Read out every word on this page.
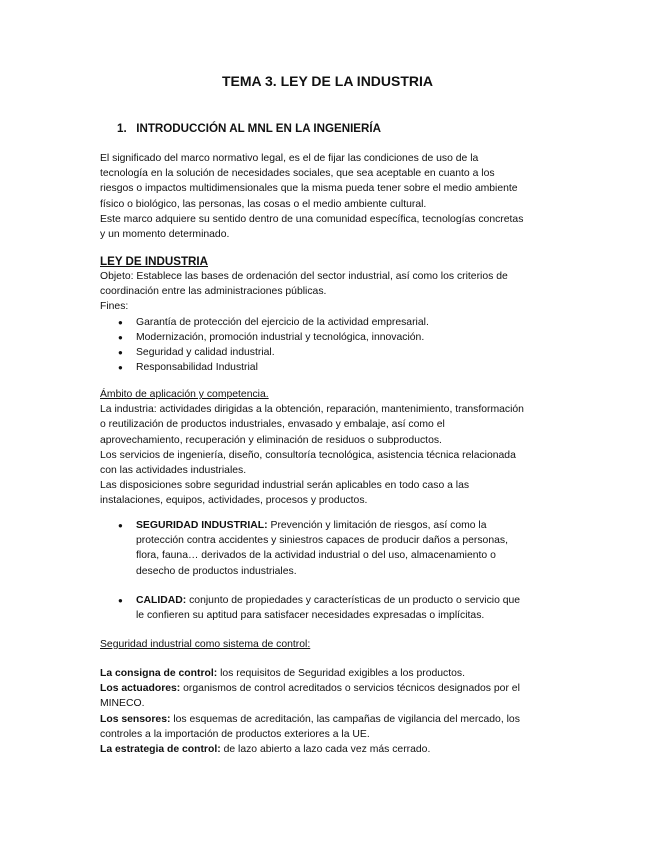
TEMA 3. LEY DE LA INDUSTRIA
1. INTRODUCCIÓN AL MNL EN LA INGENIERÍA

El significado del marco normativo legal, es el de fijar las condiciones de uso de la

tecnología en la solución de necesidades sociales, que sea aceptable en cuanto a los

riesgos o impactos multidimensionales que la misma pueda tener sobre el medio ambiente

físico o biológico, las personas, las cosas o el medio ambiente cultural.

Este marco adquiere su sentido dentro de una comunidad específica, tecnologías concretas

y un momento determinado.

LEY DE INDUSTRIA

Objeto: Establece las bases de ordenación del sector industrial, así como los criterios de

coordinación entre las administraciones públicas.

Fines:

● Garantía de protección del ejercicio de la actividad empresarial.
● Modernización, promoción industrial y tecnológica, innovación.
● Seguridad y calidad industrial.
● Responsabilidad Industrial

Ámbito de aplicación y competencia.

La industria: actividades dirigidas a la obtención, reparación, mantenimiento, transformación

o reutilización de productos industriales, envasado y embalaje, así como el

aprovechamiento, recuperación y eliminación de residuos o subproductos.

Los servicios de ingeniería, diseño, consultoría tecnológica, asistencia técnica relacionada

con las actividades industriales.

Las disposiciones sobre seguridad industrial serán aplicables en todo caso a las

instalaciones, equipos, actividades, procesos y productos.

● SEGURIDAD INDUSTRIAL: Prevención y limitación de riesgos, así como la
protección contra accidentes y siniestros capaces de producir daños a personas,
flora, fauna… derivados de la actividad industrial o del uso, almacenamiento o
desecho de productos industriales.
● CALIDAD: conjunto de propiedades y características de un producto o servicio que
le confieren su aptitud para satisfacer necesidades expresadas o implícitas.

Seguridad industrial como sistema de control:

La consigna de control: los requisitos de Seguridad exigibles a los productos.

Los actuadores: organismos de control acreditados o servicios técnicos designados por el

MINECO.

Los sensores: los esquemas de acreditación, las campañas de vigilancia del mercado, los

controles a la importación de productos exteriores a la UE.

La estrategia de control: de lazo abierto a lazo cada vez más cerrado.
